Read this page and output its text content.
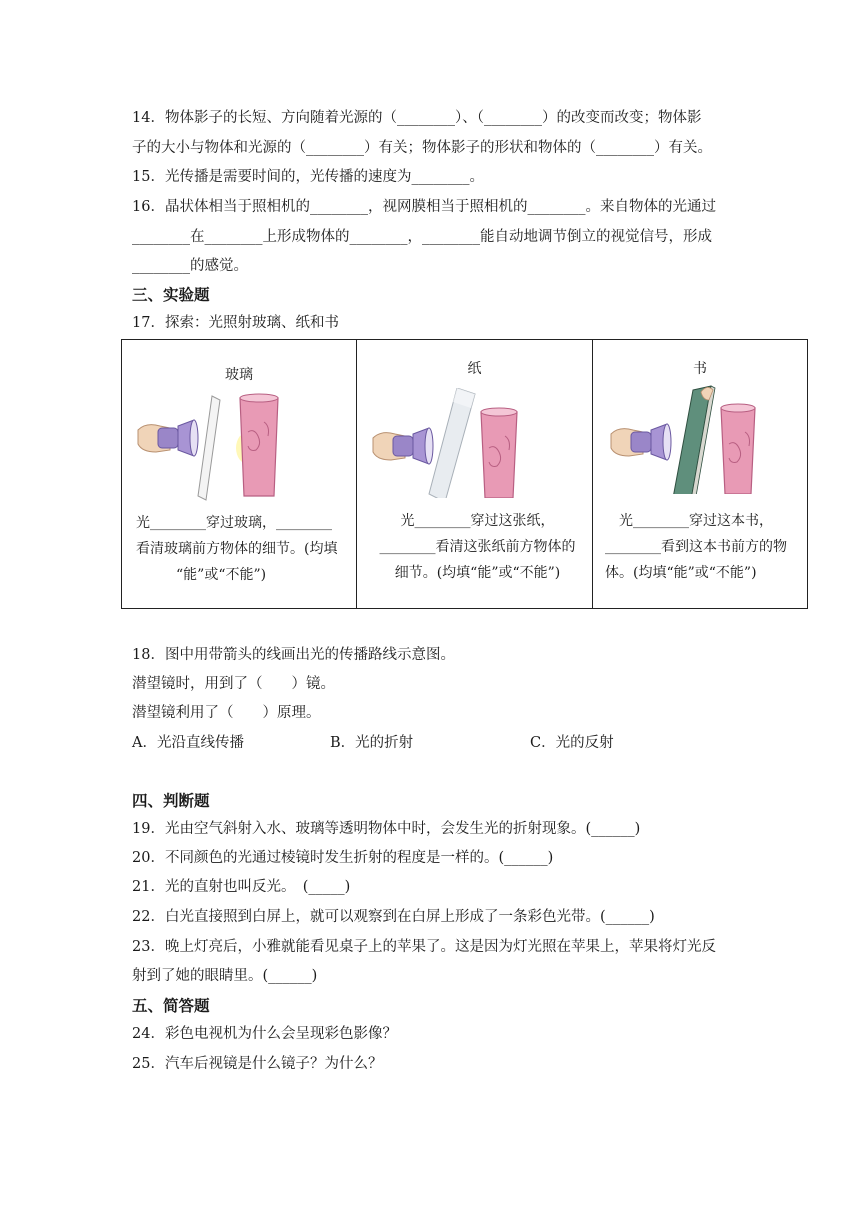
14．物体影子的长短、方向随着光源的（________）、（________）的改变而改变；物体影
子的大小与物体和光源的（________）有关；物体影子的形状和物体的（________）有关。
15．光传播是需要时间的，光传播的速度为________。
16．晶状体相当于照相机的________，视网膜相当于照相机的________。来自物体的光通过
________在________上形成物体的________，________能自动地调节倒立的视觉信号，形成
________的感觉。
三、实验题
17．探索：光照射玻璃、纸和书
玻璃
光________穿过玻璃，________
看清玻璃前方物体的细节。(均填
“能”或“不能”)

纸
光________穿过这张纸，
________看清这张纸前方物体的
细节。(均填“能”或“不能”)

书
光________穿过这本书，
________看到这本书前方的物
体。(均填“能”或“不能”)
18．图中用带箭头的线画出光的传播路线示意图。
潜望镜时，用到了（　　）镜。
潜望镜利用了（　　）原理。
A．光沿直线传播	B．光的折射	C．光的反射
四、判断题
19．光由空气斜射入水、玻璃等透明物体中时，会发生光的折射现象。(______)
20．不同颜色的光通过棱镜时发生折射的程度是一样的。(______)
21．光的直射也叫反光。　(_____)
22．白光直接照到白屏上，就可以观察到在白屏上形成了一条彩色光带。(______)
23．晚上灯亮后，小雅就能看见桌子上的苹果了。这是因为灯光照在苹果上，苹果将灯光反
射到了她的眼睛里。(______)
五、简答题
24．彩色电视机为什么会呈现彩色影像？
25．汽车后视镜是什么镜子？为什么？
